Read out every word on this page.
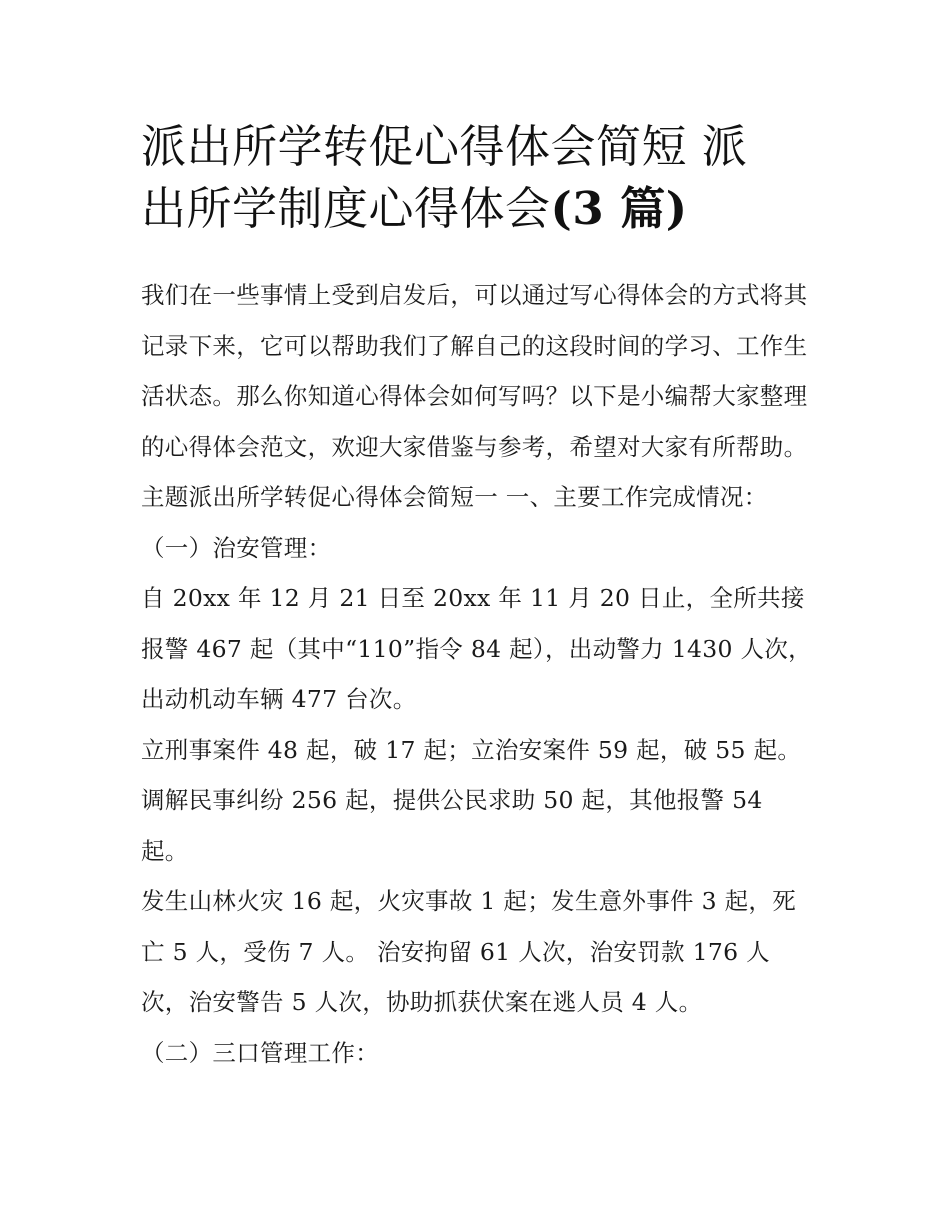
派出所学转促心得体会简短 派
出所学制度心得体会(3 篇)

我们在一些事情上受到启发后，可以通过写心得体会的方式将其记录下来，它可以帮助我们了解自己的这段时间的学习、工作生活状态。那么你知道心得体会如何写吗？以下是小编帮大家整理的心得体会范文，欢迎大家借鉴与参考，希望对大家有所帮助。

主题派出所学转促心得体会简短一 一、主要工作完成情况：

（一）治安管理：

自 20xx 年 12 月 21 日至 20xx 年 11 月 20 日止，全所共接报警 467 起（其中“110”指令 84 起），出动警力 1430 人次，出动机动车辆 477 台次。

立刑事案件 48 起，破 17 起；立治安案件 59 起，破 55 起。 调解民事纠纷 256 起，提供公民求助 50 起，其他报警 54 起。

发生山林火灾 16 起，火灾事故 1 起；发生意外事件 3 起，死亡 5 人，受伤 7 人。 治安拘留 61 人次，治安罚款 176 人次，治安警告 5 人次，协助抓获伏案在逃人员 4 人。

（二）三口管理工作：
